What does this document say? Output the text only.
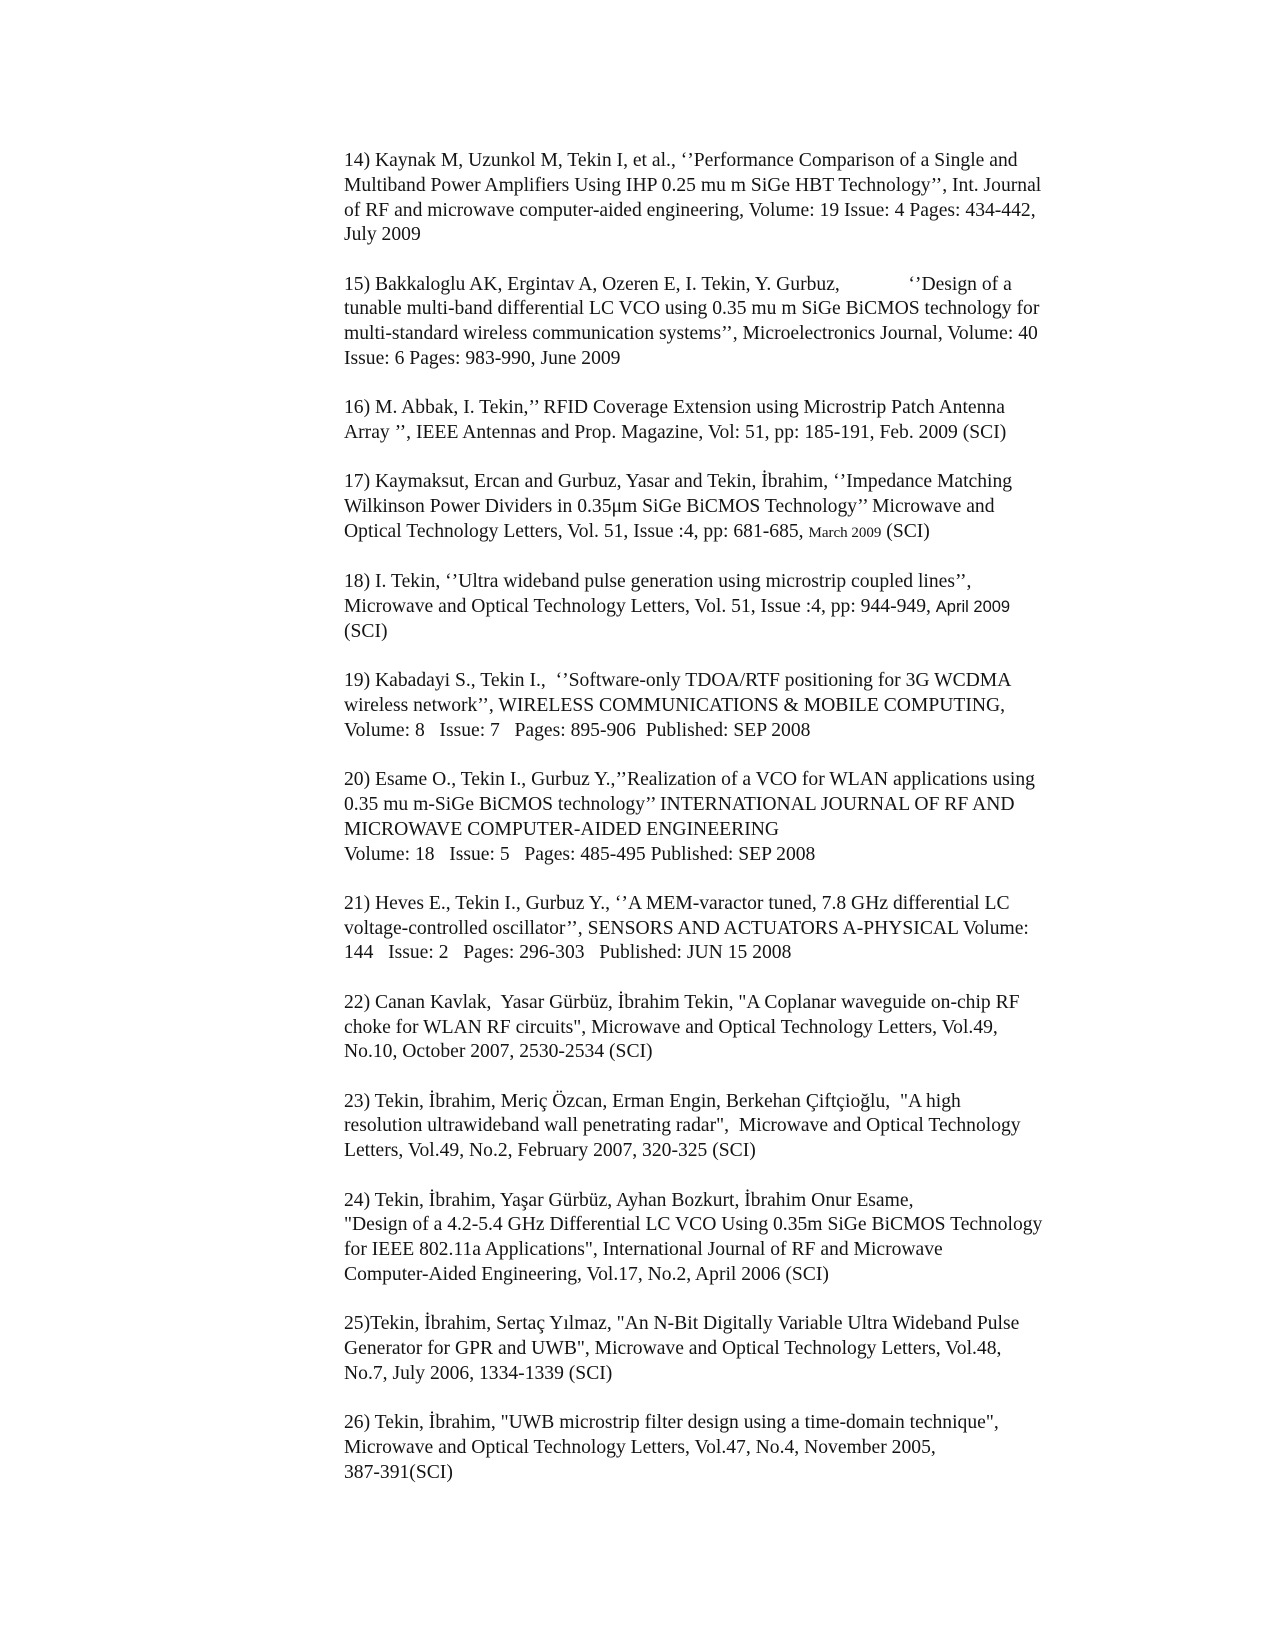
14) Kaynak M, Uzunkol M, Tekin I, et al., ‘’Performance Comparison of a Single and
Multiband Power Amplifiers Using IHP 0.25 mu m SiGe HBT Technology’’, Int. Journal
of RF and microwave computer-aided engineering, Volume: 19 Issue: 4 Pages: 434-442,
July 2009
15) Bakkaloglu AK, Ergintav A, Ozeren E, I. Tekin, Y. Gurbuz,              ‘’Design of a
tunable multi-band differential LC VCO using 0.35 mu m SiGe BiCMOS technology for
multi-standard wireless communication systems’’, Microelectronics Journal, Volume: 40
Issue: 6 Pages: 983-990, June 2009
16) M. Abbak, I. Tekin,’’ RFID Coverage Extension using Microstrip Patch Antenna
Array ’’, IEEE Antennas and Prop. Magazine, Vol: 51, pp: 185-191, Feb. 2009 (SCI)
17) Kaymaksut, Ercan and Gurbuz, Yasar and Tekin, İbrahim, ‘’Impedance Matching
Wilkinson Power Dividers in 0.35μm SiGe BiCMOS Technology’’ Microwave and
Optical Technology Letters, Vol. 51, Issue :4, pp: 681-685, March 2009 (SCI)
18) I. Tekin, ‘’Ultra wideband pulse generation using microstrip coupled lines’’,
Microwave and Optical Technology Letters, Vol. 51, Issue :4, pp: 944-949, April 2009
(SCI)
19) Kabadayi S., Tekin I.,  ‘’Software-only TDOA/RTF positioning for 3G WCDMA
wireless network’’, WIRELESS COMMUNICATIONS & MOBILE COMPUTING,
Volume: 8   Issue: 7   Pages: 895-906  Published: SEP 2008
20) Esame O., Tekin I., Gurbuz Y.,’’Realization of a VCO for WLAN applications using
0.35 mu m-SiGe BiCMOS technology’’ INTERNATIONAL JOURNAL OF RF AND
MICROWAVE COMPUTER-AIDED ENGINEERING
Volume: 18   Issue: 5   Pages: 485-495 Published: SEP 2008
21) Heves E., Tekin I., Gurbuz Y., ‘’A MEM-varactor tuned, 7.8 GHz differential LC
voltage-controlled oscillator’’, SENSORS AND ACTUATORS A-PHYSICAL Volume:
144   Issue: 2   Pages: 296-303   Published: JUN 15 2008
22) Canan Kavlak,  Yasar Gürbüz, İbrahim Tekin, "A Coplanar waveguide on-chip RF
choke for WLAN RF circuits", Microwave and Optical Technology Letters, Vol.49,
No.10, October 2007, 2530-2534 (SCI)
23) Tekin, İbrahim, Meriç Özcan, Erman Engin, Berkehan Çiftçioğlu,  "A high
resolution ultrawideband wall penetrating radar",  Microwave and Optical Technology
Letters, Vol.49, No.2, February 2007, 320-325 (SCI)
24) Tekin, İbrahim, Yaşar Gürbüz, Ayhan Bozkurt, İbrahim Onur Esame,
"Design of a 4.2-5.4 GHz Differential LC VCO Using 0.35m SiGe BiCMOS Technology
for IEEE 802.11a Applications", International Journal of RF and Microwave
Computer-Aided Engineering, Vol.17, No.2, April 2006 (SCI)
25)Tekin, İbrahim, Sertaç Yılmaz, "An N-Bit Digitally Variable Ultra Wideband Pulse
Generator for GPR and UWB", Microwave and Optical Technology Letters, Vol.48,
No.7, July 2006, 1334-1339 (SCI)
26) Tekin, İbrahim, "UWB microstrip filter design using a time-domain technique",
Microwave and Optical Technology Letters, Vol.47, No.4, November 2005,
387-391(SCI)
